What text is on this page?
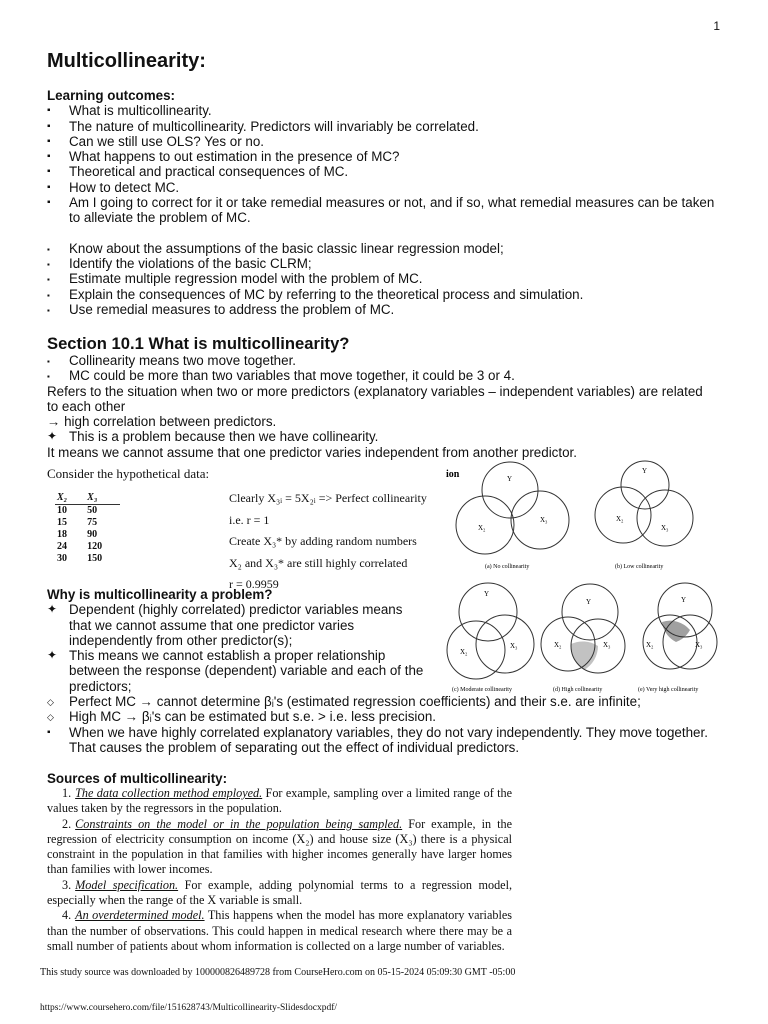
1
Multicollinearity:
Learning outcomes:
▪ What is multicollinearity.
▪ The nature of multicollinearity. Predictors will invariably be correlated.
▪ Can we still use OLS? Yes or no.
▪ What happens to out estimation in the presence of MC?
▪ Theoretical and practical consequences of MC.
▪ How to detect MC.
▪ Am I going to correct for it or take remedial measures or not, and if so, what remedial measures can be taken to alleviate the problem of MC.
▪ Know about the assumptions of the basic classic linear regression model;
▪ Identify the violations of the basic CLRM;
▪ Estimate multiple regression model with the problem of MC.
▪ Explain the consequences of MC by referring to the theoretical process and simulation.
▪ Use remedial measures to address the problem of MC.
Section 10.1 What is multicollinearity?
▪ Collinearity means two move together.
▪ MC could be more than two variables that move together, it could be 3 or 4.
Refers to the situation when two or more predictors (explanatory variables – independent variables) are related to each other
→ high correlation between predictors.
✦ This is a problem because then we have collinearity.
It means we cannot assume that one predictor varies independent from another predictor.
Consider the hypothetical data:
X₂	X₃
10	50
15	75
18	90
24	120
30	150
Clearly X₃ᵢ = 5X₂ᵢ => Perfect collinearity
i.e. r = 1
Create X₃* by adding random numbers
X₂ and X₃* are still highly correlated
r = 0.9959
ion	Y
X₂
X₃
(a) No collinearity
Y
X₂
X₃
(b) Low collinearity
Y
X₂
X₃
(c) Moderate collinearity
Y
X₂	X₃
(d) High collinearity
Y
X₂	X₃
(e) Very high collinearity
Why is multicollinearity a problem?
✦ Dependent (highly correlated) predictor variables means that we cannot assume that one predictor varies independently from other predictor(s);
✦ This means we cannot establish a proper relationship between the response (dependent) variable and each of the predictors;
◇ Perfect MC → cannot determine βᵢ's (estimated regression coefficients) and their s.e. are infinite;
◇ High MC → βᵢ's can be estimated but s.e. > i.e. less precision.
▪ When we have highly correlated explanatory variables, they do not vary independently. They move together. That causes the problem of separating out the effect of individual predictors.
Sources of multicollinearity:

1. The data collection method employed. For example, sampling over a limited range of the values taken by the regressors in the population.

2. Constraints on the model or in the population being sampled. For example, in the regression of electricity consumption on income (X₂) and house size (X₃) there is a physical constraint in the population in that families with higher incomes generally have larger homes than families with lower incomes.

3. Model specification. For example, adding polynomial terms to a regression model, especially when the range of the X variable is small.

4. An overdetermined model. This happens when the model has more explanatory variables than the number of observations. This could happen in medical research where there may be a small number of patients about whom information is collected on a large number of variables.

This study source was downloaded by 100000826489728 from CourseHero.com on 05-15-2024 05:09:30 GMT -05:00
https://www.coursehero.com/file/151628743/Multicollinearity-Slidesdocxpdf/
